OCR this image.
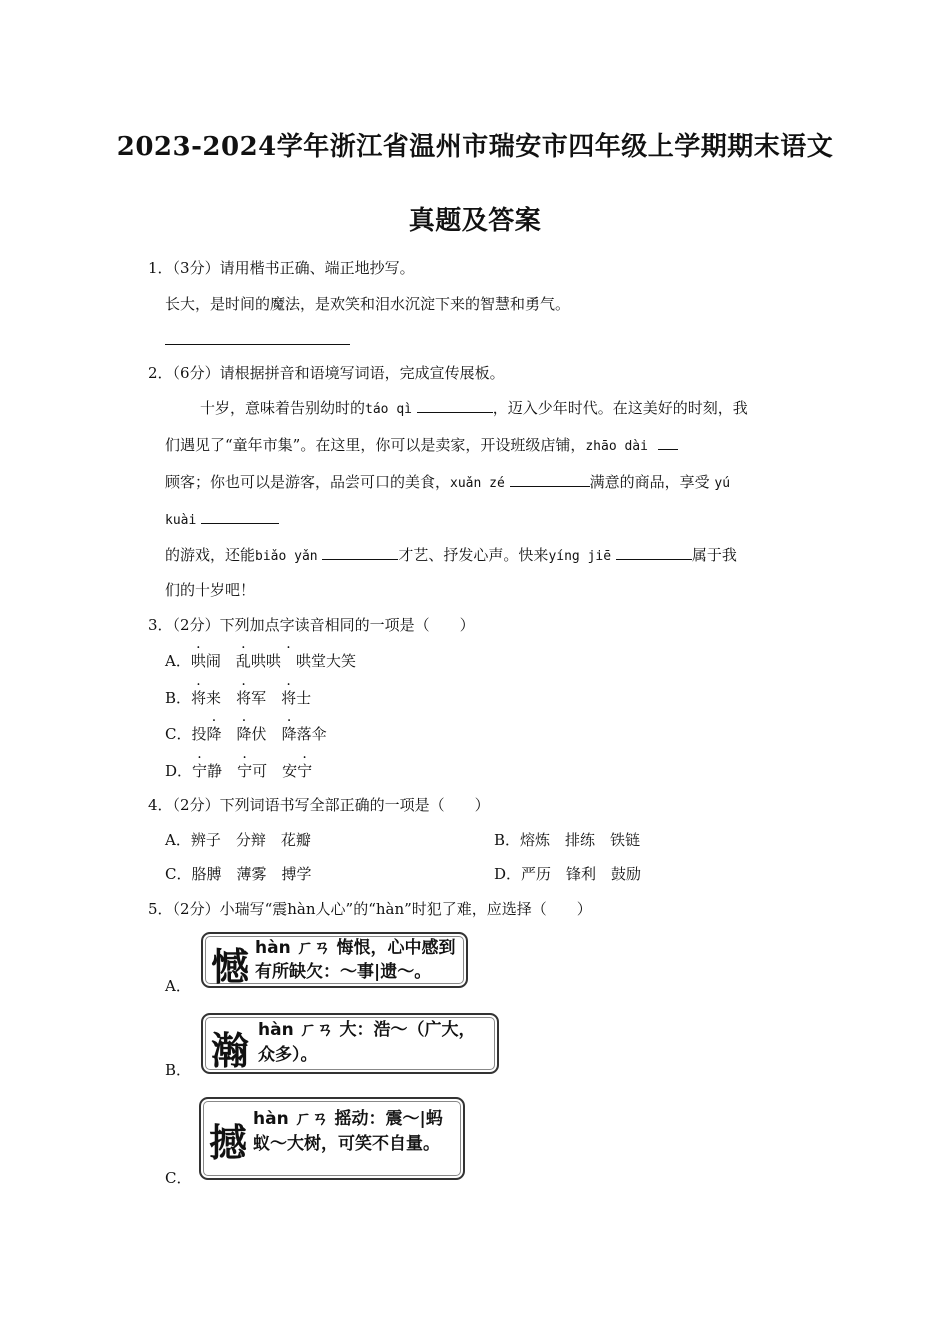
2023-2024学年浙江省温州市瑞安市四年级上学期期末语文
真题及答案
1．（3分）请用楷书正确、端正地抄写。
长大，是时间的魔法，是欢笑和泪水沉淀下来的智慧和勇气。
2．（6分）请根据拼音和语境写词语，完成宣传展板。
十岁，意味着告别幼时的táo qì	，迈入少年时代。在这美好的时刻，我
们遇见了“童年市集”。在这里，你可以是卖家，开设班级店铺，zhāo dài
顾客；你也可以是游客，品尝可口的美食，xuǎn zé	满意的商品，享受 yú
kuài
的游戏，还能biǎo yǎn	才艺、抒发心声。快来yíng jiē	属于我
们的十岁吧！
3．（2分）下列加点字读音相同的一项是（　　）
A．哄闹　 乱哄哄· 　 哄堂大笑
B．将来　 将军　 将士
C．投降　 降伏　 降落伞
D．宁静　 宁可　 安宁
4．（2分）下列词语书写全部正确的一项是（　　）
A．辨子　分辩　花瓣	B．熔炼　排练　铁链
C．胳膊　薄雾　搏学	D．严历　锋利　鼓励
5．（2分）小瑞写“震hàn人心”的“hàn”时犯了难，应选择（　　）
A． 憾 hàn ㄏㄢ 悔恨，心中感到
有所缺欠：～事|遗～。
B． 瀚 hàn ㄏㄢ 大：浩～（广大，
众多）。
C．
撼
hàn ㄏㄢ 摇动：震～|蚂
蚁～大树，可笑不自量。
